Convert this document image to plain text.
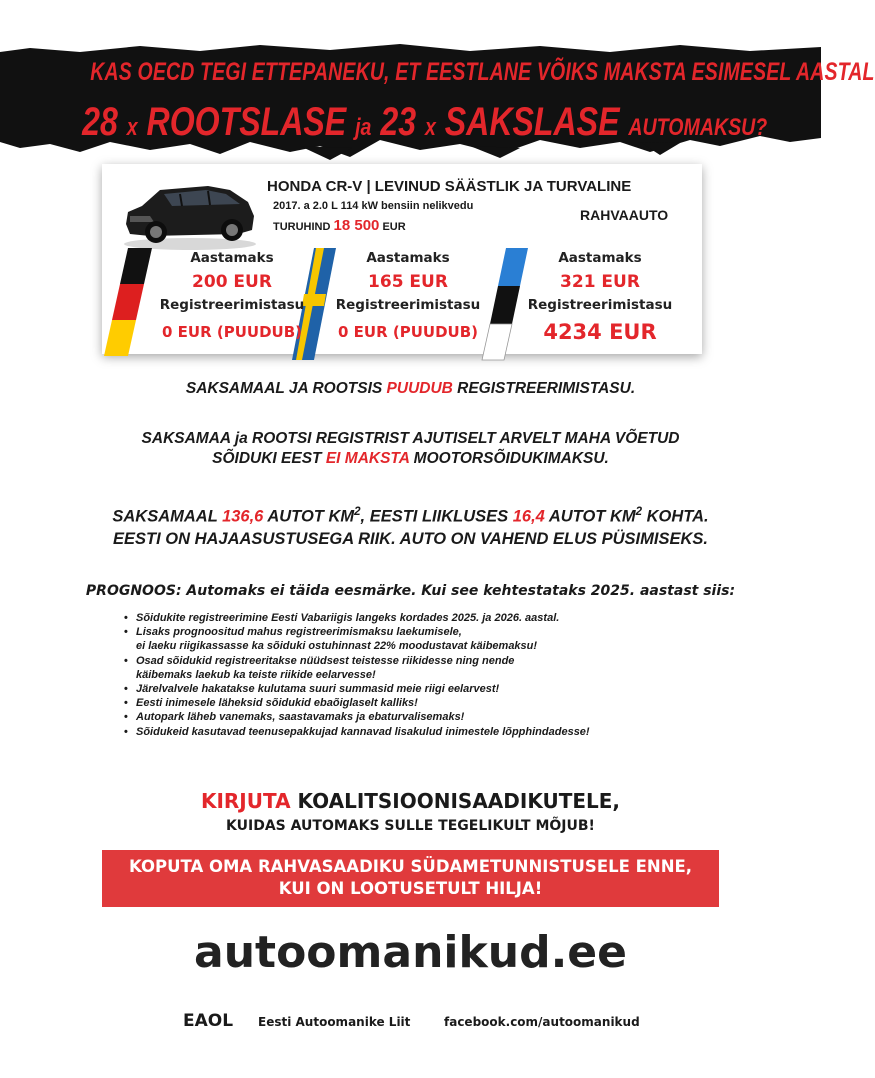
KAS OECD TEGI ETTEPANEKU, ET EESTLANE VÕIKS MAKSTA ESIMESEL AASTAL
28 x ROOTSLASE ja 23 x SAKSLASE AUTOMAKSU?
HONDA CR-V | LEVINUD SÄÄSTLIK JA TURVALINE
2017. a 2.0 L 114 kW bensiin nelikvedu
TURUHIND 18 500 EUR
RAHVAAUTO
Aastamaks
200 EUR
Registreerimistasu
0 EUR (PUUDUB)
Aastamaks
165 EUR
Registreerimistasu
0 EUR (PUUDUB)
Aastamaks
321 EUR
Registreerimistasu
4234 EUR
SAKSAMAAL JA ROOTSIS PUUDUB REGISTREERIMISTASU.
SAKSAMAA ja ROOTSI REGISTRIST AJUTISELT ARVELT MAHA VÕETUD
SÕIDUKI EEST EI MAKSTA MOOTORSÕIDUKIMAKSU.
SAKSAMAAL 136,6 AUTOT $KM^2$, EESTI LIIKLUSES 16,4 AUTOT $KM^2$ KOHTA.
EESTI ON HAJAASUSTUSEGA RIIK. AUTO ON VAHEND ELUS PÜSIMISEKS.
PROGNOOS: Automaks ei täida eesmärke. Kui see kehtestataks 2025. aastast siis:
• Sõidukite registreerimine Eesti Vabariigis langeks kordades 2025. ja 2026. aastal.
• Lisaks prognoositud mahus registreerimismaksu laekumisele,
ei laeku riigikassasse ka sõiduki ostuhinnast 22% moodustavat käibemaksu!
• Osad sõidukid registreeritakse nüüdsest teistesse riikidesse ning nende
käibemaks laekub ka teiste riikide eelarvesse!
• Järelvalvele hakatakse kulutama suuri summasid meie riigi eelarvest!
• Eesti inimesele läheksid sõidukid ebaõiglaselt kalliks!
• Autopark läheb vanemaks, saastavamaks ja ebaturvalisemaks!
• Sõidukeid kasutavad teenusepakkujad kannavad lisakulud inimestele lõpphindadesse!
KIRJUTA KOALITSIOONISAADIKUTELE,
KUIDAS AUTOMAKS SULLE TEGELIKULT MÕJUB!
KOPUTA OMA RAHVASAADIKU SÜDAMETUNNISTUSELE ENNE,
KUI ON LOOTUSETULT HILJA!
autoomanikud.ee
EAOL Eesti Autoomanike Liit	facebook.com/autoomanikud
